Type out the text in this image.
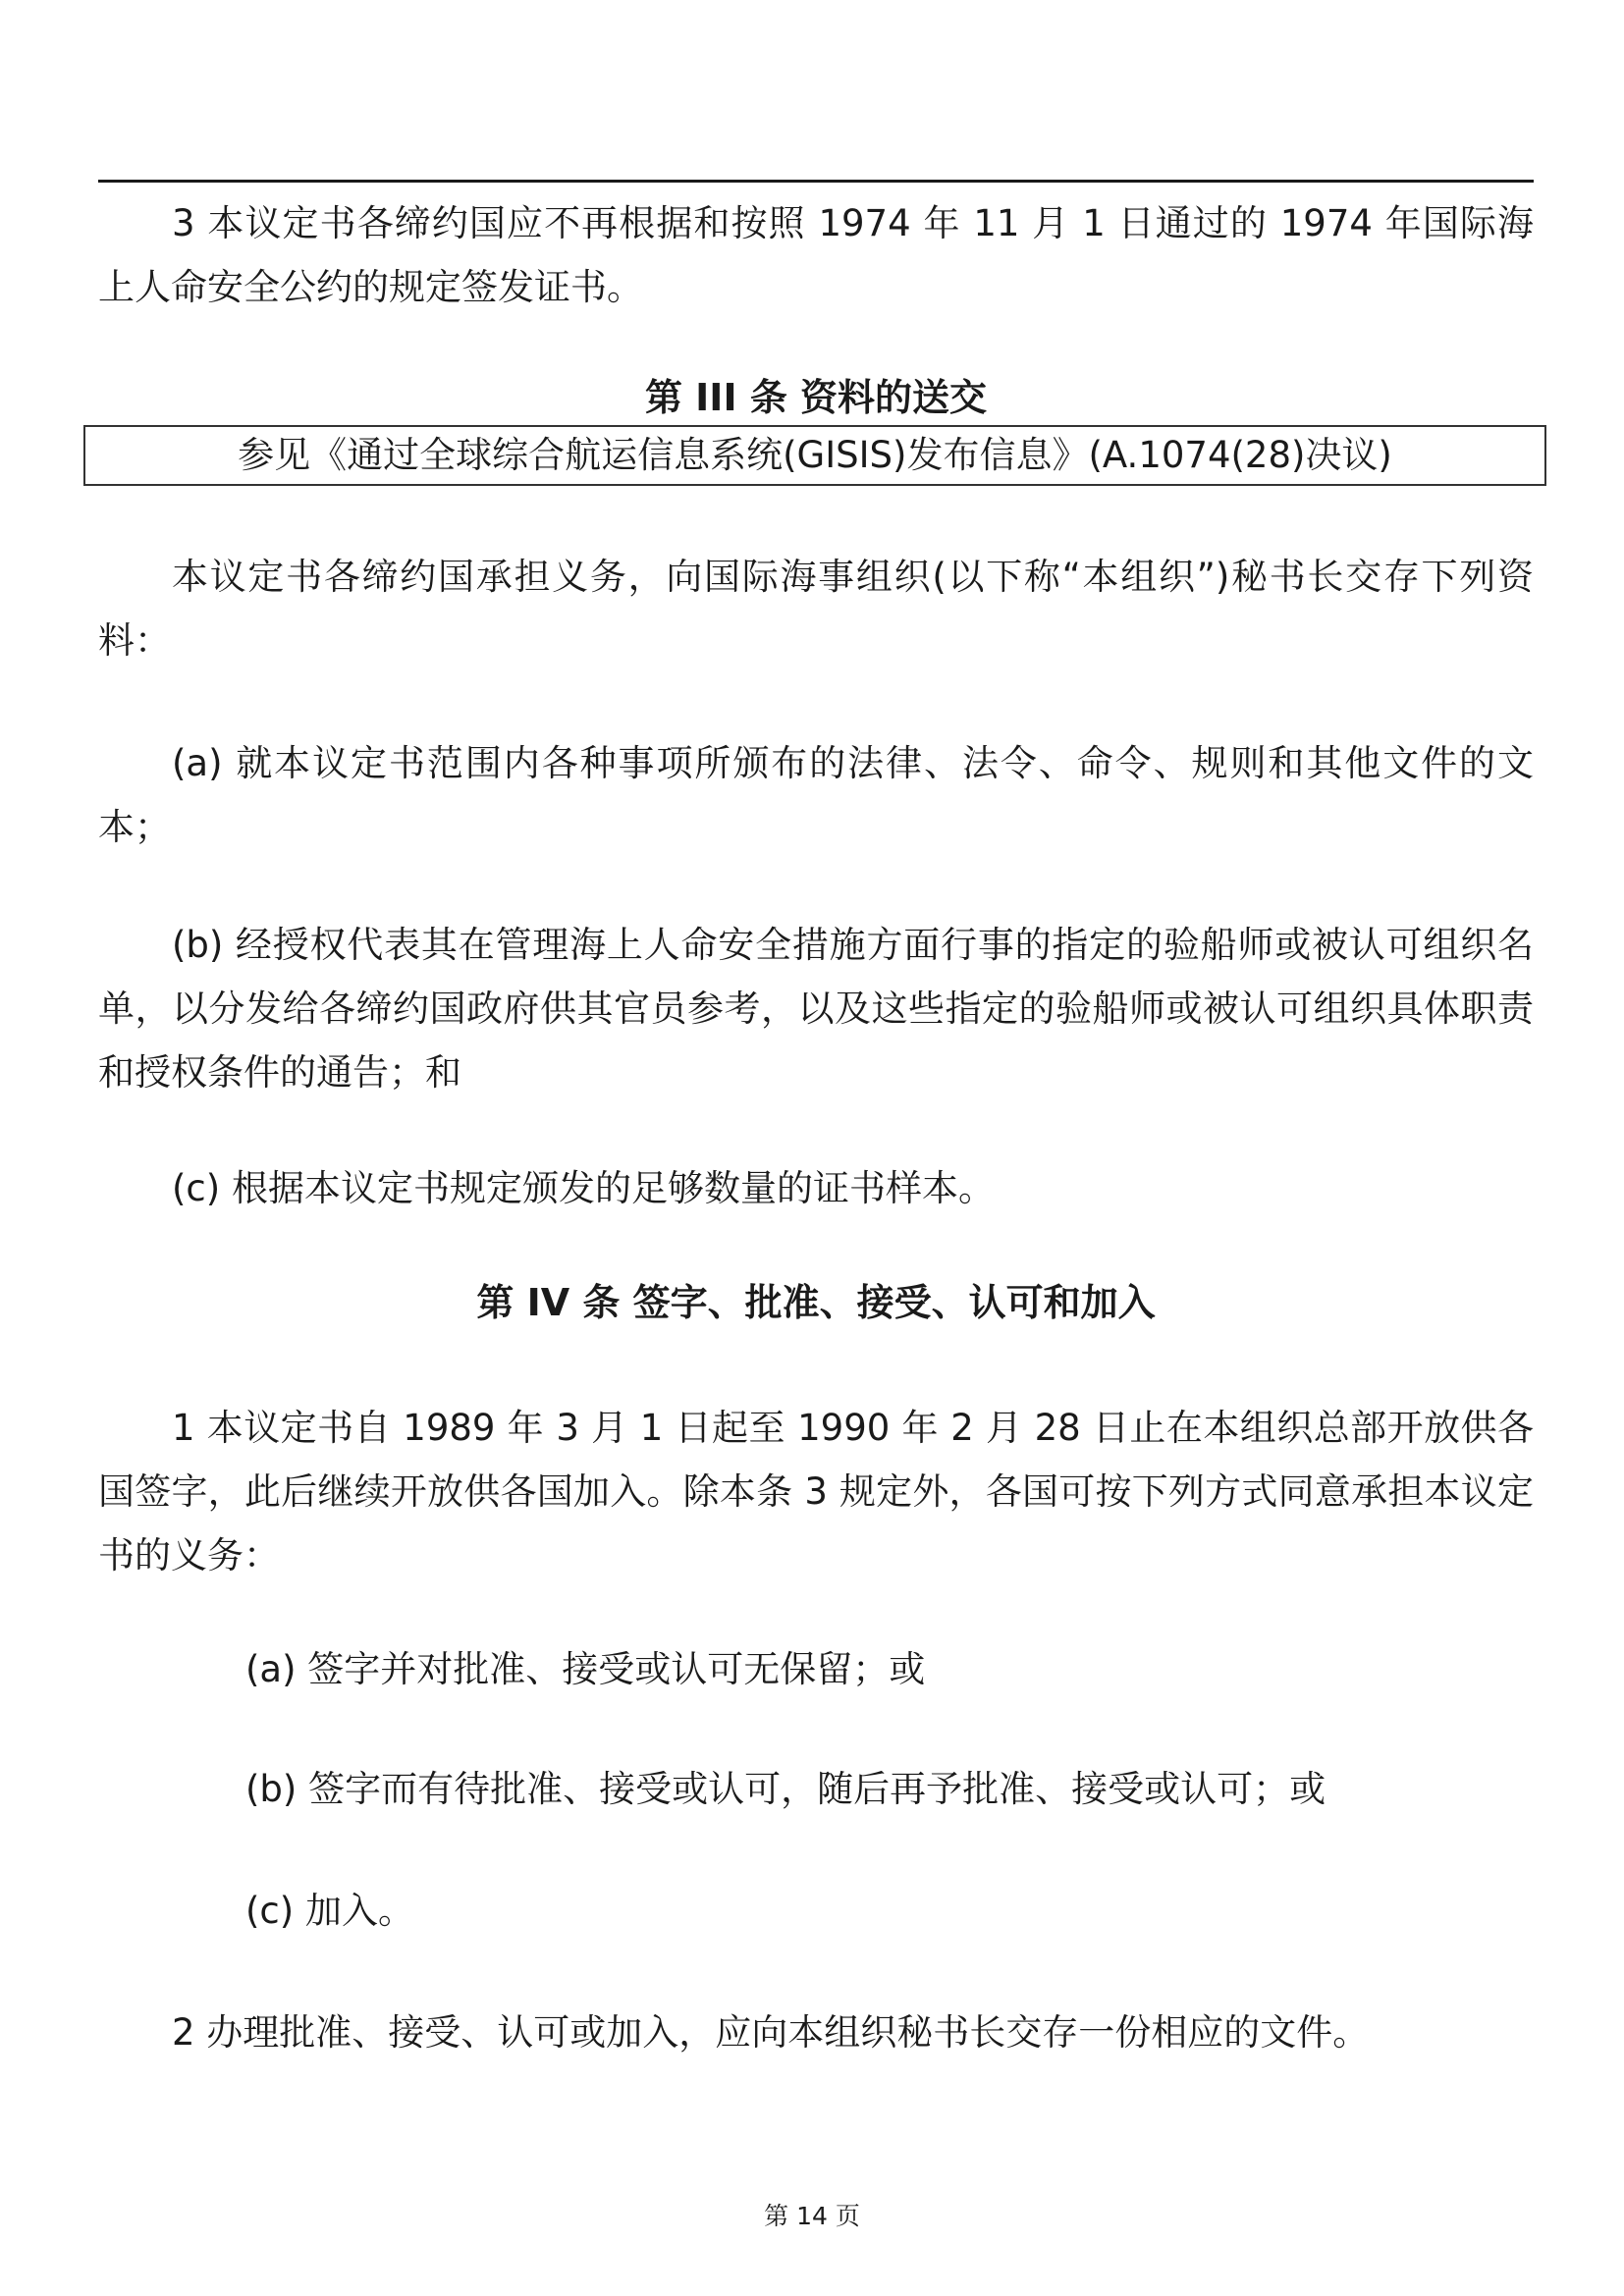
3 本议定书各缔约国应不再根据和按照 1974 年 11 月 1 日通过的 1974 年国际海上人命安全公约的规定签发证书。

第 III 条 资料的送交
参见《通过全球综合航运信息系统(GISIS)发布信息》(A.1074(28)决议)

本议定书各缔约国承担义务，向国际海事组织(以下称“本组织”)秘书长交存下列资料：

(a) 就本议定书范围内各种事项所颁布的法律、法令、命令、规则和其他文件的文本；

(b) 经授权代表其在管理海上人命安全措施方面行事的指定的验船师或被认可组织名单，以分发给各缔约国政府供其官员参考，以及这些指定的验船师或被认可组织具体职责和授权条件的通告；和

(c) 根据本议定书规定颁发的足够数量的证书样本。

第 IV 条 签字、批准、接受、认可和加入

1 本议定书自 1989 年 3 月 1 日起至 1990 年 2 月 28 日止在本组织总部开放供各国签字，此后继续开放供各国加入。除本条 3 规定外，各国可按下列方式同意承担本议定书的义务：

(a) 签字并对批准、接受或认可无保留；或

(b) 签字而有待批准、接受或认可，随后再予批准、接受或认可；或

(c) 加入。

2 办理批准、接受、认可或加入，应向本组织秘书长交存一份相应的文件。

第 14 页
